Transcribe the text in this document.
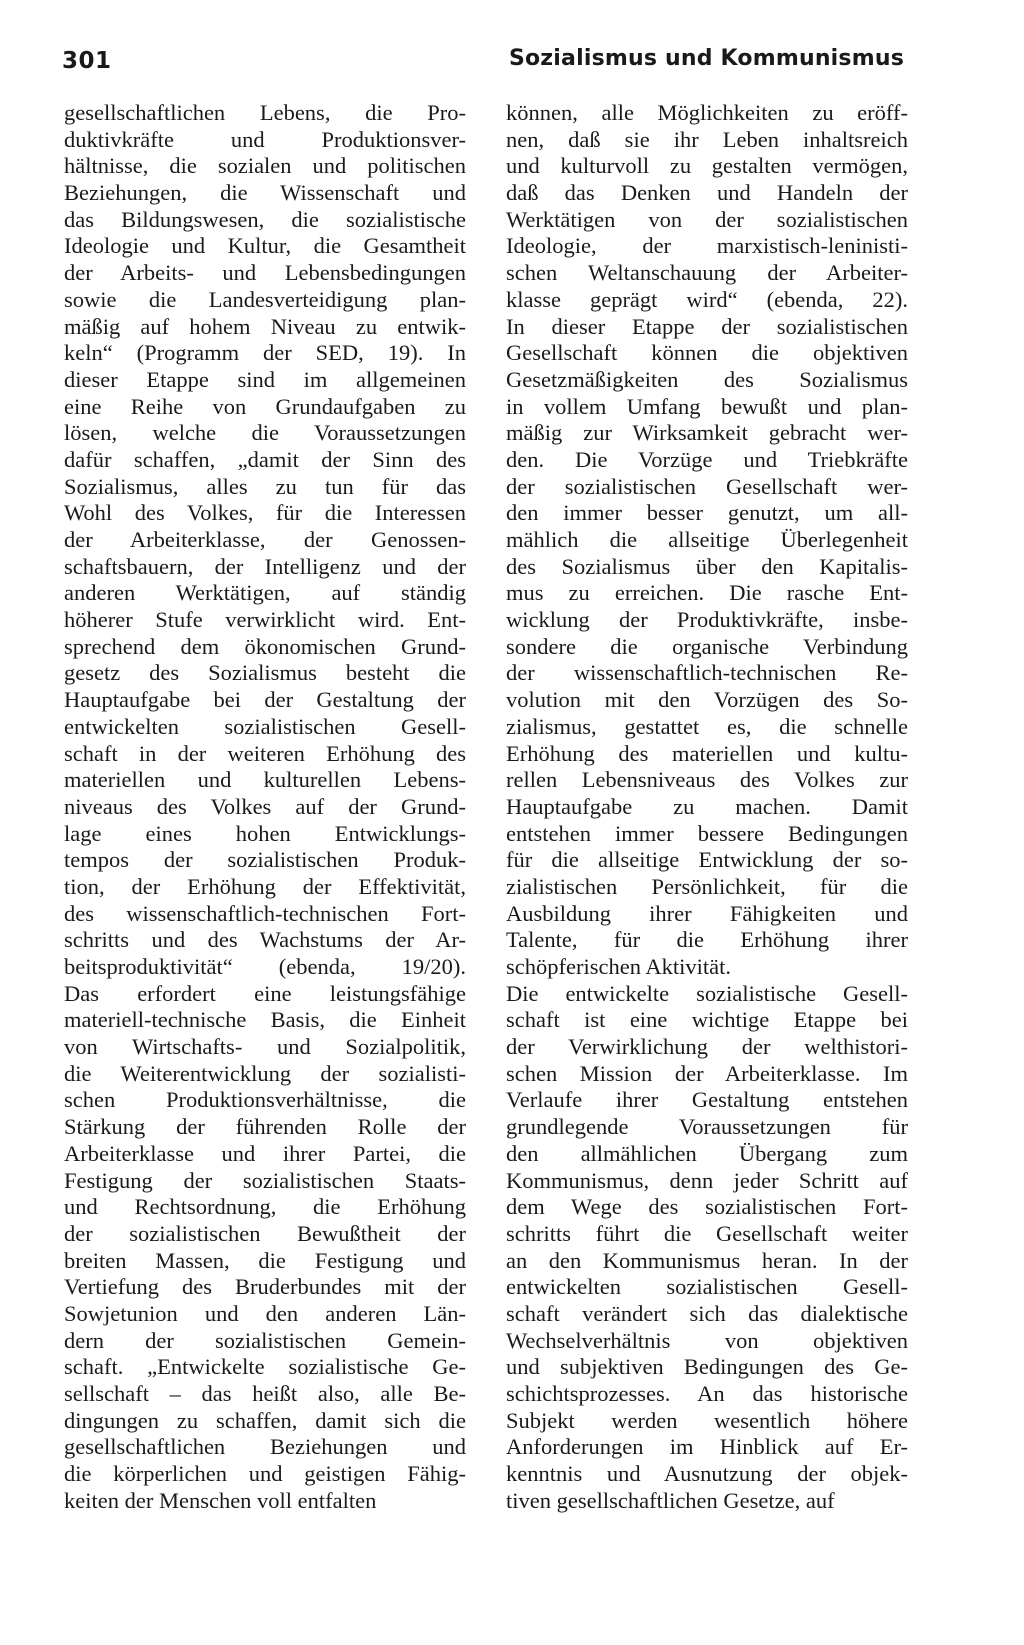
301	Sozialismus und Kommunismus
gesellschaftlichen Lebens, die Pro-
duktivkräfte und Produktionsver-
hältnisse, die sozialen und politischen
Beziehungen, die Wissenschaft und
das Bildungswesen, die sozialistische
Ideologie und Kultur, die Gesamtheit
der Arbeits- und Lebensbedingungen
sowie die Landesverteidigung plan-
mäßig auf hohem Niveau zu entwik-
keln“ (Programm der SED, 19). In
dieser Etappe sind im allgemeinen
eine Reihe von Grundaufgaben zu
lösen, welche die Voraussetzungen
dafür schaffen, „damit der Sinn des
Sozialismus, alles zu tun für das
Wohl des Volkes, für die Interessen
der Arbeiterklasse, der Genossen-
schaftsbauern, der Intelligenz und der
anderen Werktätigen, auf ständig
höherer Stufe verwirklicht wird. Ent-
sprechend dem ökonomischen Grund-
gesetz des Sozialismus besteht die
Hauptaufgabe bei der Gestaltung der
entwickelten sozialistischen Gesell-
schaft in der weiteren Erhöhung des
materiellen und kulturellen Lebens-
niveaus des Volkes auf der Grund-
lage eines hohen Entwicklungs-
tempos der sozialistischen Produk-
tion, der Erhöhung der Effektivität,
des wissenschaftlich-technischen Fort-
schritts und des Wachstums der Ar-
beitsproduktivität“ (ebenda, 19/20).
Das erfordert eine leistungsfähige
materiell-technische Basis, die Einheit
von Wirtschafts- und Sozialpolitik,
die Weiterentwicklung der sozialisti-
schen Produktionsverhältnisse, die
Stärkung der führenden Rolle der
Arbeiterklasse und ihrer Partei, die
Festigung der sozialistischen Staats-
und Rechtsordnung, die Erhöhung
der sozialistischen Bewußtheit der
breiten Massen, die Festigung und
Vertiefung des Bruderbundes mit der
Sowjetunion und den anderen Län-
dern der sozialistischen Gemein-
schaft. „Entwickelte sozialistische Ge-
sellschaft – das heißt also, alle Be-
dingungen zu schaffen, damit sich die
gesellschaftlichen Beziehungen und
die körperlichen und geistigen Fähig-
keiten der Menschen voll entfalten
können, alle Möglichkeiten zu eröff-
nen, daß sie ihr Leben inhaltsreich
und kulturvoll zu gestalten vermögen,
daß das Denken und Handeln der
Werktätigen von der sozialistischen
Ideologie, der marxistisch-leninisti-
schen Weltanschauung der Arbeiter-
klasse geprägt wird“ (ebenda, 22).
In dieser Etappe der sozialistischen
Gesellschaft können die objektiven
Gesetzmäßigkeiten des Sozialismus
in vollem Umfang bewußt und plan-
mäßig zur Wirksamkeit gebracht wer-
den. Die Vorzüge und Triebkräfte
der sozialistischen Gesellschaft wer-
den immer besser genutzt, um all-
mählich die allseitige Überlegenheit
des Sozialismus über den Kapitalis-
mus zu erreichen. Die rasche Ent-
wicklung der Produktivkräfte, insbe-
sondere die organische Verbindung
der wissenschaftlich-technischen Re-
volution mit den Vorzügen des So-
zialismus, gestattet es, die schnelle
Erhöhung des materiellen und kultu-
rellen Lebensniveaus des Volkes zur
Hauptaufgabe zu machen. Damit
entstehen immer bessere Bedingungen
für die allseitige Entwicklung der so-
zialistischen Persönlichkeit, für die
Ausbildung ihrer Fähigkeiten und
Talente, für die Erhöhung ihrer
schöpferischen Aktivität.
Die entwickelte sozialistische Gesell-
schaft ist eine wichtige Etappe bei
der Verwirklichung der welthistori-
schen Mission der Arbeiterklasse. Im
Verlaufe ihrer Gestaltung entstehen
grundlegende Voraussetzungen für
den allmählichen Übergang zum
Kommunismus, denn jeder Schritt auf
dem Wege des sozialistischen Fort-
schritts führt die Gesellschaft weiter
an den Kommunismus heran. In der
entwickelten sozialistischen Gesell-
schaft verändert sich das dialektische
Wechselverhältnis von objektiven
und subjektiven Bedingungen des Ge-
schichtsprozesses. An das historische
Subjekt werden wesentlich höhere
Anforderungen im Hinblick auf Er-
kenntnis und Ausnutzung der objek-
tiven gesellschaftlichen Gesetze, auf
